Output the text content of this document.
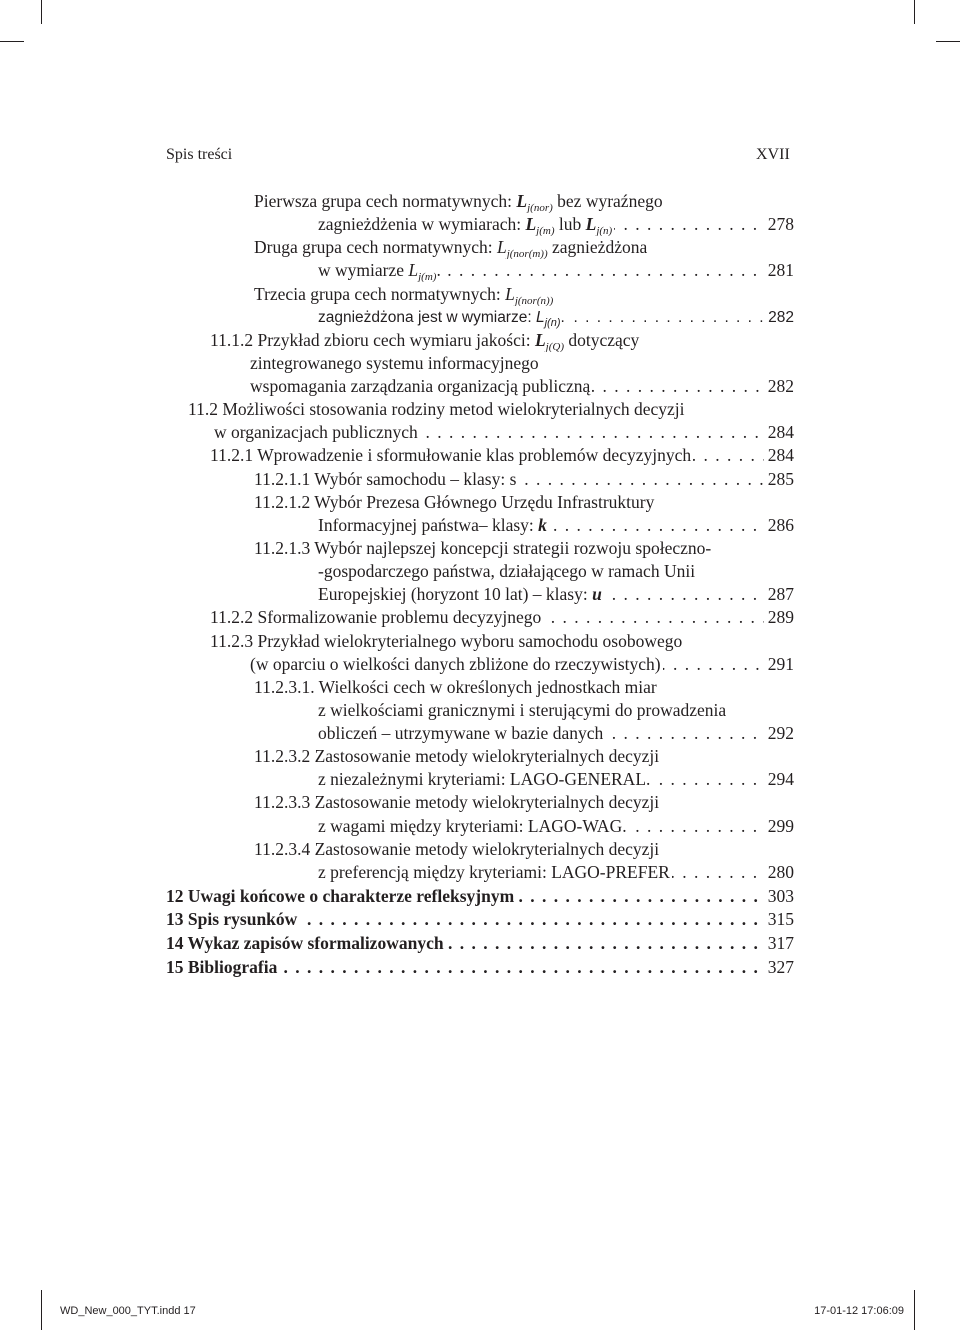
Spis treści	XVII
Pierwsza grupa cech normatywnych: $L_{j(nor)}$ bez wyraźnego
. . . zagnieżdżenia w wymiarach: $L_{j(m)}$ lub $L_{j(n)}$	278
Druga grupa cech normatywnych: $L_{j(nor(m))}$ zagnieżdżona
. . . w wymiarze $L_{j(m)}$.	281
Trzecia grupa cech normatywnych: $L_{j(nor(n))}$
. . . zagnieżdżona jest w wymiarze: $L_{j(n)}$.	282
11.1.2 Przykład zbioru cech wymiaru jakości: $L_{j(Q)}$ dotyczący
zintegrowanego systemu informacyjnego
. . . wspomagania zarządzania organizacją publiczną	282
11.2 Możliwości stosowania rodziny metod wielokryterialnych decyzji
. . . w organizacjach publicznych	284
. . . 11.2.1 Wprowadzenie i sformułowanie klas problemów decyzyjnych	284
. . . 11.2.1.1 Wybór samochodu – klasy: s	285
11.2.1.2 Wybór Prezesa Głównego Urzędu Infrastruktury
. . . Informacyjnej państwa– klasy: k	286
11.2.1.3 Wybór najlepszej koncepcji strategii rozwoju społeczno-
-gospodarczego państwa, działającego w ramach Unii
. . . Europejskiej (horyzont 10 lat) – klasy: u	287
. . . 11.2.2 Sformalizowanie problemu decyzyjnego	289
11.2.3 Przykład wielokryterialnego wyboru samochodu osobowego
. . . (w oparciu o wielkości danych zbliżone do rzeczywistych)	291
11.2.3.1. Wielkości cech w określonych jednostkach miar
z wielkościami granicznymi i sterującymi do prowadzenia
. . . obliczeń – utrzymywane w bazie danych	292
11.2.3.2 Zastosowanie metody wielokryterialnych decyzji
. . . z niezależnymi kryteriami: LAGO-GENERAL.	294
11.2.3.3 Zastosowanie metody wielokryterialnych decyzji
. . . z wagami między kryteriami: LAGO-WAG.	299
11.2.3.4 Zastosowanie metody wielokryterialnych decyzji
. . . z preferencją między kryteriami: LAGO-PREFER	280
. . . 12 Uwagi końcowe o charakterze refleksyjnym	303
. . . 13 Spis rysunków	315
. . . 14 Wykaz zapisów sformalizowanych	317
. . . 15 Bibliografia	327
WD_New_000_TYT.indd 17	17-01-12 17:06:09
